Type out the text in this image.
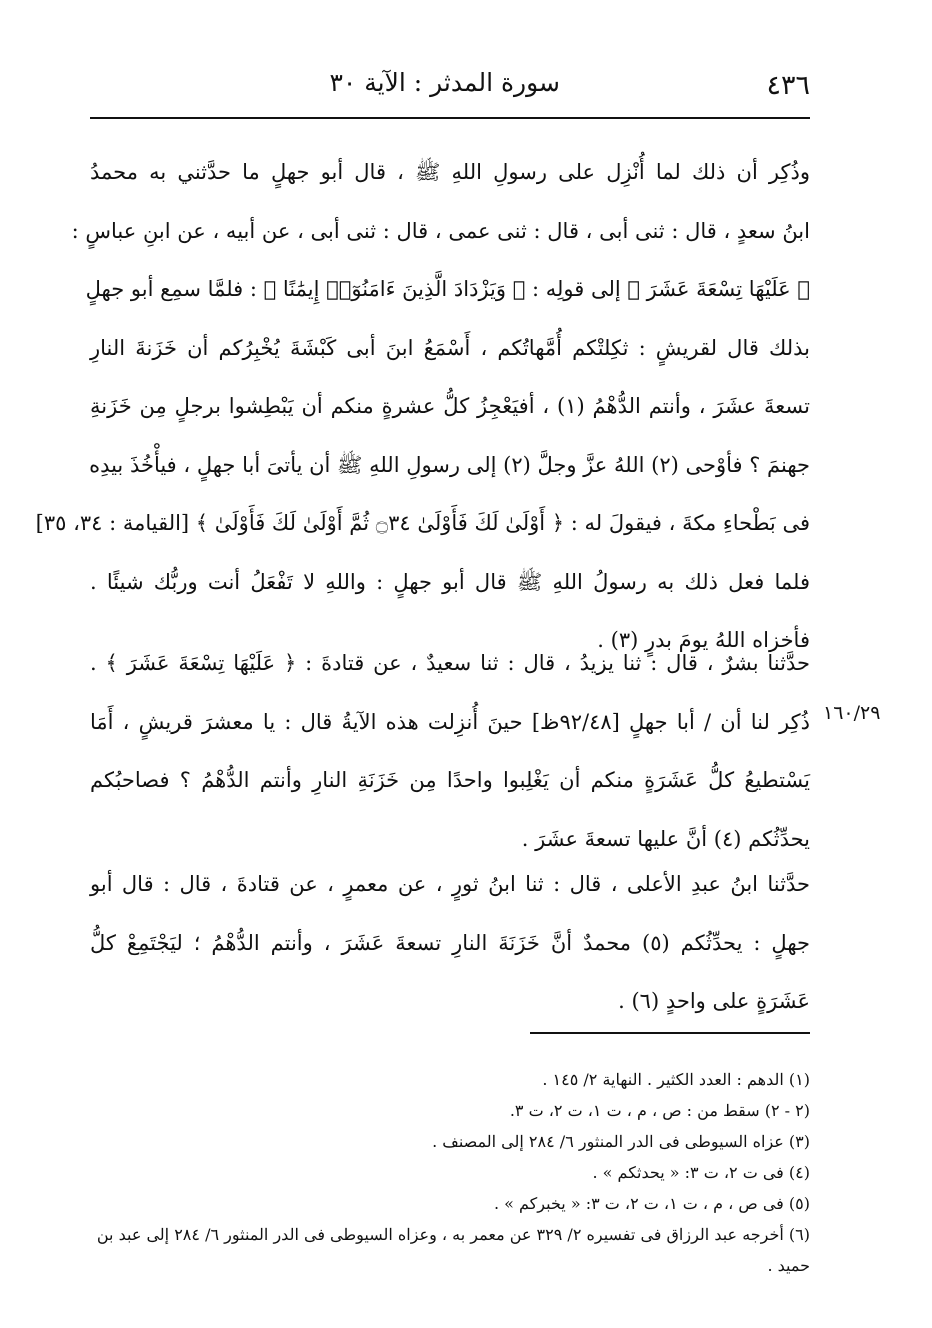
٤٣٦
سورة المدثر : الآية ٣٠
وذُكِر أن ذلك لما أُنْزِل على رسولِ اللهِ ﷺ ، قال أبو جهلٍ ما حدَّثني به محمدُ
ابنُ سعدٍ ، قال : ثنى أبى ، قال : ثنى عمى ، قال : ثنى أبى ، عن أبيه ، عن ابنِ عباسٍ :
﴿ عَلَيْهَا تِسْعَةَ عَشَرَ ﴾ إلى قولِه : ﴿ وَيَزْدَادَ الَّذِينَ ءَامَنُوٓا۟ إِيمَٰنًا ﴾ : فلمَّا سمِع أبو جهلٍ
بذلك قال لقريشٍ : ثكِلتْكم أُمَّهاتُكم ، أَسْمَعُ ابنَ أبى كَبْشَةَ يُخْبِرُكم أن خَزَنةَ النارِ
تسعةَ عشَرَ ، وأنتم الدُّهْمُ (١) ، أفيَعْجِزُ كلُّ عشرةٍ منكم أن يَبْطِشوا برجلٍ مِن خَزَنةِ
جهنمَ ؟ فأوْحى (٢) اللهُ عزَّ وجلَّ (٢) إلى رسولِ اللهِ ﷺ أن يأتىَ أبا جهلٍ ، فيأْخُذَ بيدِه
فى بَطْحاءِ مكةَ ، فيقولَ له : ﴿ أَوْلَىٰ لَكَ فَأَوْلَىٰ ۝٣٤ ثُمَّ أَوْلَىٰ لَكَ فَأَوْلَىٰ ﴾ [القيامة : ٣٤، ٣٥]
فلما فعل ذلك به رسولُ اللهِ ﷺ قال أبو جهلٍ : واللهِ لا تَفْعَلُ أنت وربُّك شيئًا .
فأخزاه اللهُ يومَ بدرٍ (٣) .
حدَّثنا بشرٌ ، قال : ثنا يزيدُ ، قال : ثنا سعيدٌ ، عن قتادةَ : ﴿ عَلَيْهَا تِسْعَةَ عَشَرَ ﴾ .
ذُكِر لنا أن / أبا جهلٍ [٩٢/٤٨ظ] حينَ أُنزِلت هذه الآيةُ قال : يا معشرَ قريشٍ ، أَمَا
يَسْتطيعُ كلُّ عَشَرَةٍ منكم أن يَغْلِبوا واحدًا مِن خَزَنَةِ النارِ وأنتم الدُّهْمُ ؟ فصاحبُكم
يحدِّثُكم (٤) أنَّ عليها تسعةَ عشَرَ .
١٦٠/٢٩
حدَّثنا ابنُ عبدِ الأعلى ، قال : ثنا ابنُ ثورٍ ، عن معمرٍ ، عن قتادةَ ، قال : قال أبو
جهلٍ : يحدِّثُكم (٥) محمدٌ أنَّ خَزَنَةَ النارِ تسعةَ عَشَرَ ، وأنتم الدُّهْمُ ؛ ليَجْتَمِعْ كلُّ
عَشَرَةٍ على واحدٍ (٦) .
(١) الدهم : العدد الكثير . النهاية ٢/ ١٤٥ .
(٢ - ٢) سقط من : ص ، م ، ت ١، ت ٢، ت ٣.
(٣) عزاه السيوطى فى الدر المنثور ٦/ ٢٨٤ إلى المصنف .
(٤) فى ت ٢، ت ٣: « يحدثكم » .
(٥) فى ص ، م ، ت ١، ت ٢، ت ٣: « يخبركم » .
(٦) أخرجه عبد الرزاق فى تفسيره ٢/ ٣٢٩ عن معمر به ، وعزاه السيوطى فى الدر المنثور ٦/ ٢٨٤ إلى عبد بن
حميد .
